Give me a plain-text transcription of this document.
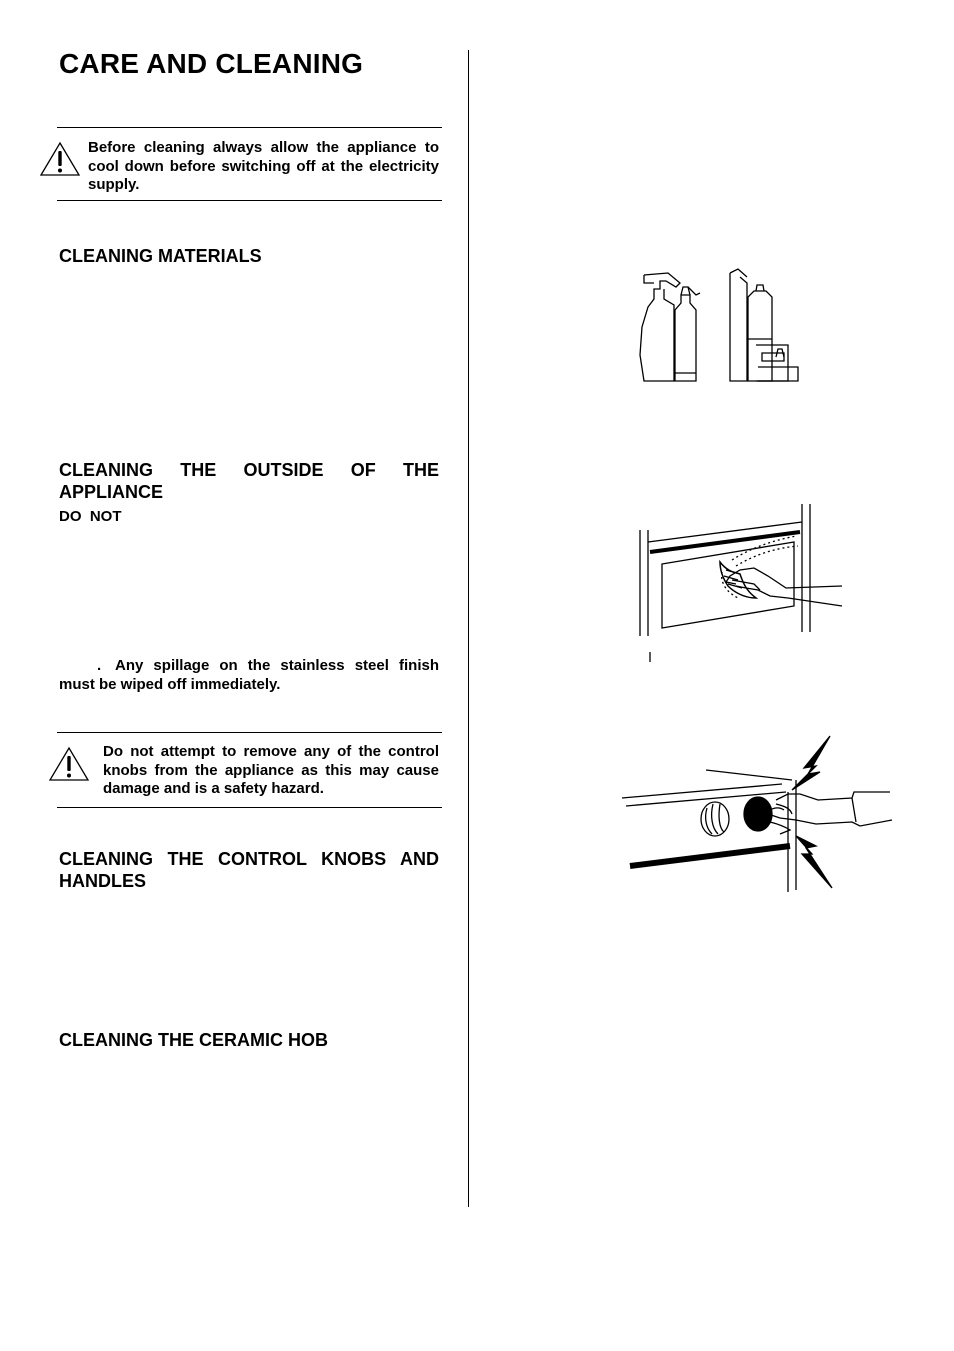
CARE AND CLEANING
Before cleaning always allow the appliance to cool down before switching off at the electricity supply.
CLEANING MATERIALS
CLEANING THE OUTSIDE OF THE
APPLIANCE
DO  NOT
. Any spillage on the stainless steel finish
must be wiped off immediately.
Do not attempt to remove any of the control knobs from the appliance as this may cause damage and is a safety hazard.
CLEANING THE CONTROL KNOBS AND
HANDLES
CLEANING THE CERAMIC HOB
